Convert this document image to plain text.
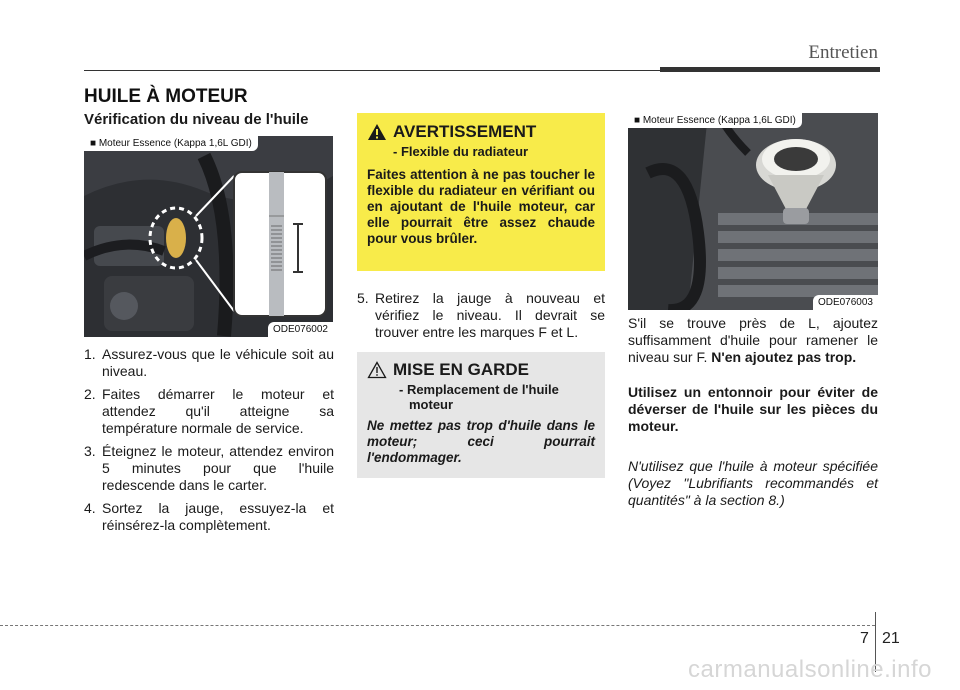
Entretien
HUILE À MOTEUR
Vérification du niveau de l'huile
■ Moteur Essence (Kappa 1,6L GDI)
ODE076002
1. Assurez-vous que le véhicule soit au niveau.
2. Faites démarrer le moteur et attendez qu'il atteigne sa température normale de service.
3. Éteignez le moteur, attendez environ 5 minutes pour que l'huile redescende dans le carter.
4. Sortez la jauge, essuyez-la et réinsérez-la complètement.
AVERTISSEMENT
- Flexible du radiateur
Faites attention à ne pas toucher le flexible du radiateur en vérifiant ou en ajoutant de l'huile moteur, car elle pourrait être assez chaude pour vous brûler.
5. Retirez la jauge à nouveau et vérifiez le niveau. Il devrait se trouver entre les marques F et L.
MISE EN GARDE
- Remplacement de l'huile
moteur
Ne mettez pas trop d'huile dans le moteur; ceci pourrait l'endommager.
■ Moteur Essence (Kappa 1,6L GDI)
ODE076003
S'il se trouve près de L, ajoutez suffisamment d'huile pour ramener le niveau sur F. N'en ajoutez pas trop.
Utilisez un entonnoir pour éviter de déverser de l'huile sur les pièces du moteur.
N'utilisez que l'huile à moteur spécifiée (Voyez "Lubrifiants recommandés et quantités" à la section 8.)
7 21
carmanualsonline.info
